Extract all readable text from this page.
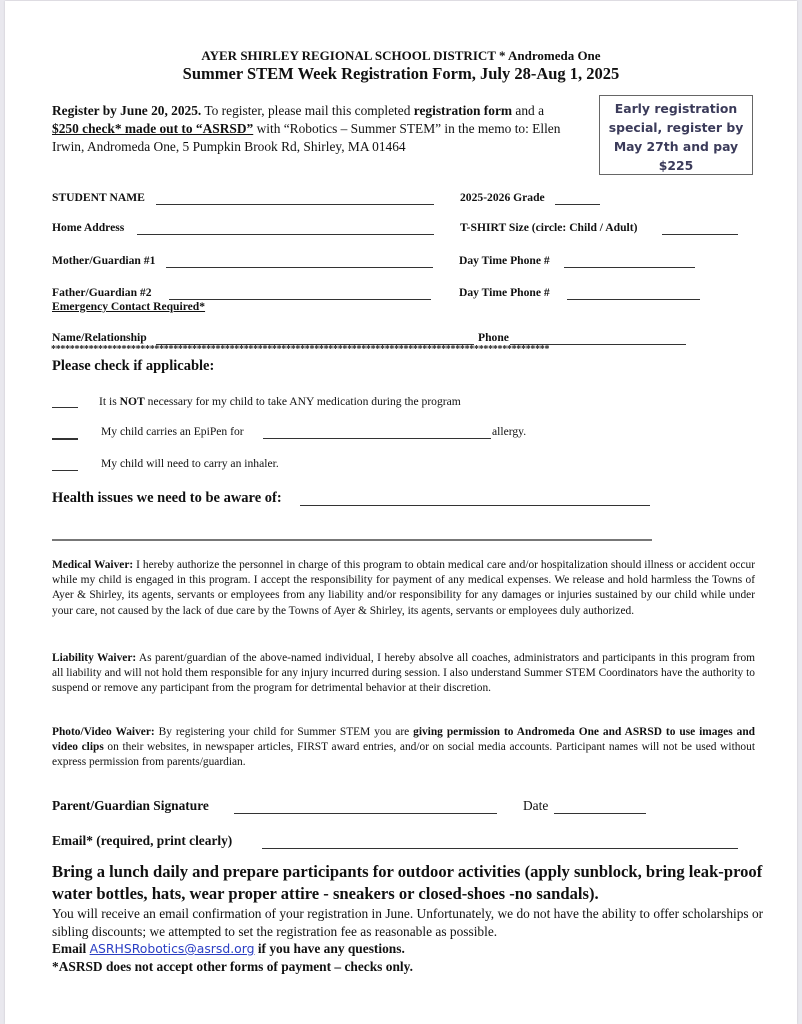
AYER SHIRLEY REGIONAL SCHOOL DISTRICT * Andromeda One
Summer STEM Week Registration Form, July 28-Aug 1, 2025
Register by June 20, 2025. To register, please mail this completed registration form and a $250 check* made out to “ASRSD” with “Robotics – Summer STEM” in the memo to: Ellen Irwin, Andromeda One, 5 Pumpkin Brook Rd, Shirley, MA 01464
Early registration
special, register by
May 27th and pay
$225
STUDENT NAME	2025-2026 Grade
Home Address	T-SHIRT Size (circle: Child / Adult)
Mother/Guardian #1	Day Time Phone #
Father/Guardian #2	Day Time Phone #
Emergency Contact Required*
Name/Relationship	Phone
**********************************************************************************************************
Please check if applicable:
It is NOT necessary for my child to take ANY medication during the program
My child carries an EpiPen for	allergy.
My child will need to carry an inhaler.
Health issues we need to be aware of:
Medical Waiver: I hereby authorize the personnel in charge of this program to obtain medical care and/or hospitalization should illness or accident occur while my child is engaged in this program. I accept the responsibility for payment of any medical expenses. We release and hold harmless the Towns of Ayer & Shirley, its agents, servants or employees from any liability and/or responsibility for any damages or injuries sustained by our child while under your care, not caused by the lack of due care by the Towns of Ayer & Shirley, its agents, servants or employees duly authorized.
Liability Waiver: As parent/guardian of the above-named individual, I hereby absolve all coaches, administrators and participants in this program from all liability and will not hold them responsible for any injury incurred during session. I also understand Summer STEM Coordinators have the authority to suspend or remove any participant from the program for detrimental behavior at their discretion.
Photo/Video Waiver: By registering your child for Summer STEM you are giving permission to Andromeda One and ASRSD to use images and video clips on their websites, in newspaper articles, FIRST award entries, and/or on social media accounts. Participant names will not be used without express permission from parents/guardian.
Parent/Guardian Signature	Date
Email* (required, print clearly)
Bring a lunch daily and prepare participants for outdoor activities (apply sunblock, bring leak-proof water bottles, hats, wear proper attire - sneakers or closed-shoes -no sandals).
You will receive an email confirmation of your registration in June. Unfortunately, we do not have the ability to offer scholarships or sibling discounts; we attempted to set the registration fee as reasonable as possible.
Email ASRHSRobotics@asrsd.org if you have any questions.
*ASRSD does not accept other forms of payment – checks only.
